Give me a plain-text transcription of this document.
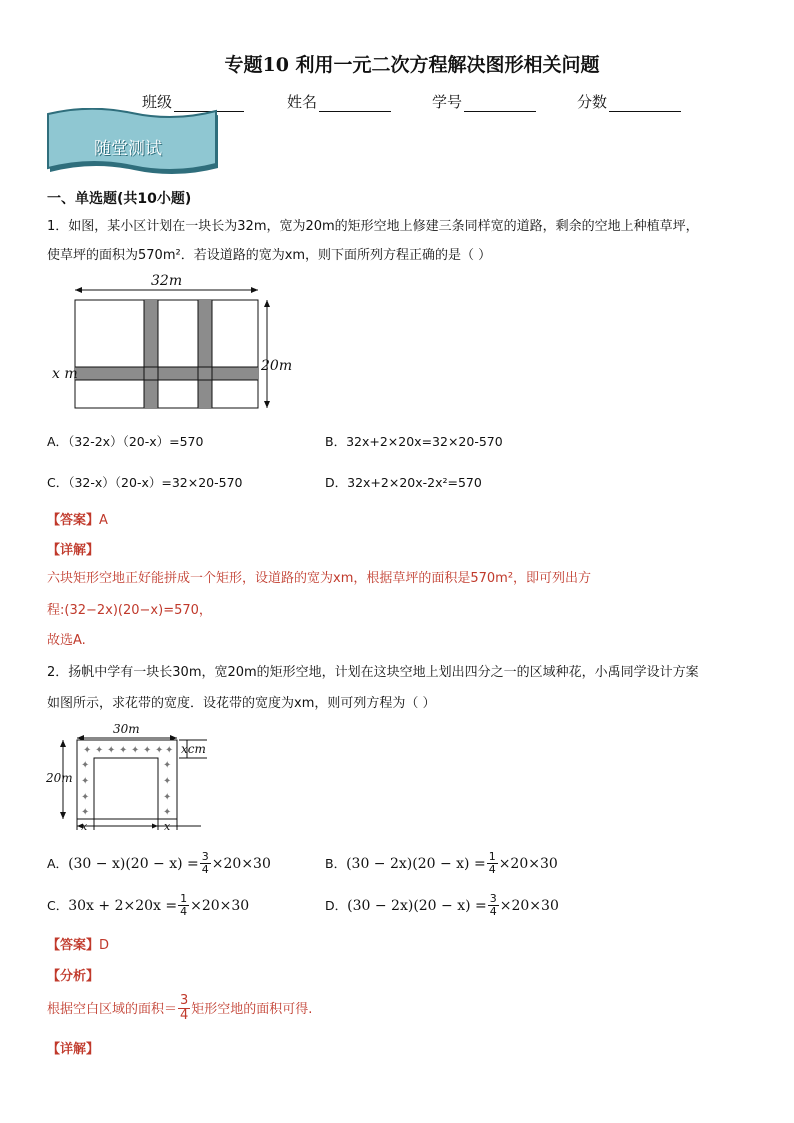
专题10 利用一元二次方程解决图形相关问题
班级	姓名	学号	分数
随堂测试
一、单选题(共10小题)
1．如图，某小区计划在一块长为32m，宽为20m的矩形空地上修建三条同样宽的道路，剩余的空地上种植草坪，
使草坪的面积为570m²．若设道路的宽为xm，则下面所列方程正确的是（ ）
32m
20m
x m
A．（32-2x）（20-x）=570	B．32x+2×20x=32×20-570
C．（32-x）（20-x）=32×20-570	D．32x+2×20x-2x²=570
【答案】A
【详解】
六块矩形空地正好能拼成一个矩形，设道路的宽为xm，根据草坪的面积是570m²，即可列出方
程:(32−2x)(20−x)=570，
故选A.
2．扬帆中学有一块长30m，宽20m的矩形空地，计划在这块空地上划出四分之一的区域种花，小禹同学设计方案
如图所示，求花带的宽度．设花带的宽度为xm，则可列方程为（ ）
✦ ✦ ✦ ✦ ✦ ✦ ✦ ✦
✦
✦
✦
✦
✦
✦
✦
✦
30m
20m
xcm
x	x
A．$(30 - x)(20 - x) = \frac{3}{4} \times 20\times 30$	B．$(30 - 2x)(20 - x) = \frac{1}{4} \times 20\times 30$
C．$30x + 2\times 20x = \frac{1}{4} \times 20\times 30$	D．$(30 - 2x)(20 - x) = \frac{3}{4} \times 20\times 30$
【答案】D
【分析】
根据空白区域的面积＝ $\frac{3}{4}$ 矩形空地的面积可得.
【详解】
